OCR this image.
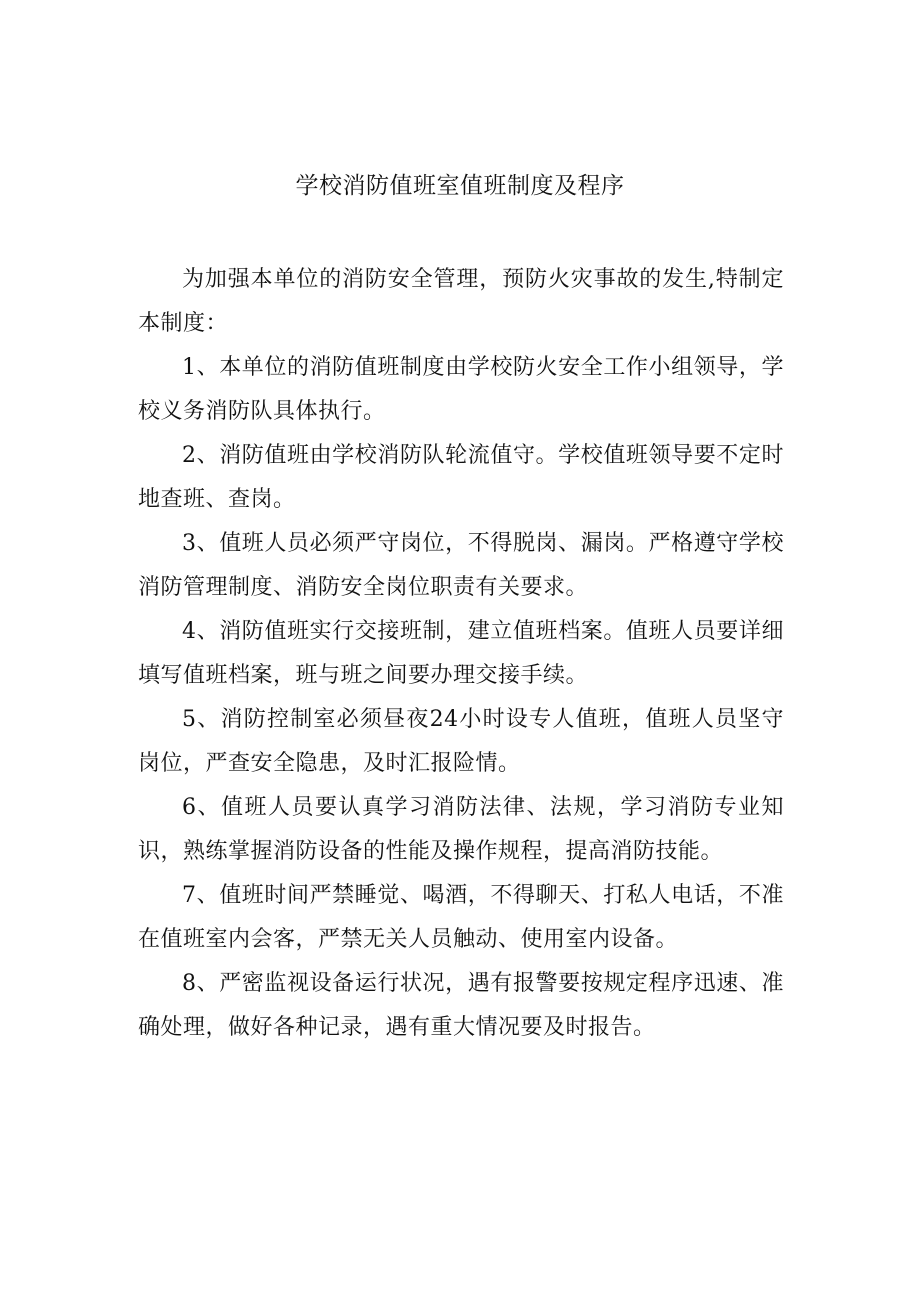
学校消防值班室值班制度及程序

为加强本单位的消防安全管理，预防火灾事故的发生,特制定本制度：

1、本单位的消防值班制度由学校防火安全工作小组领导，学校义务消防队具体执行。

2、消防值班由学校消防队轮流值守。学校值班领导要不定时地查班、查岗。

3、值班人员必须严守岗位，不得脱岗、漏岗。严格遵守学校消防管理制度、消防安全岗位职责有关要求。

4、消防值班实行交接班制，建立值班档案。值班人员要详细填写值班档案，班与班之间要办理交接手续。

5、消防控制室必须昼夜24小时设专人值班，值班人员坚守岗位，严查安全隐患，及时汇报险情。

6、值班人员要认真学习消防法律、法规，学习消防专业知识，熟练掌握消防设备的性能及操作规程，提高消防技能。

7、值班时间严禁睡觉、喝酒，不得聊天、打私人电话，不准在值班室内会客，严禁无关人员触动、使用室内设备。

8、严密监视设备运行状况，遇有报警要按规定程序迅速、准确处理，做好各种记录，遇有重大情况要及时报告。
